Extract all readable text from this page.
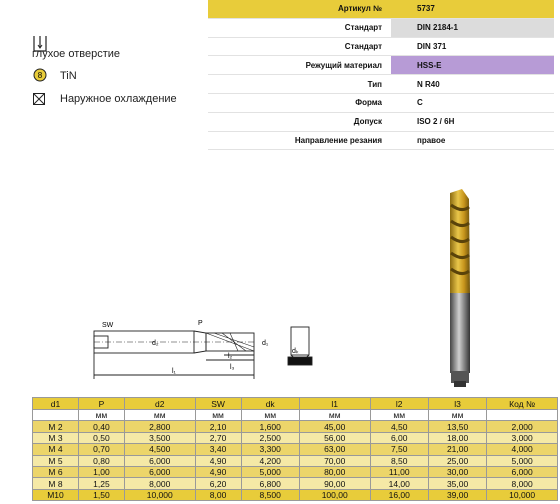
Артикул №	5737
Стандарт	DIN 2184-1
Стандарт	DIN 371
Режущий материал	HSS-E
Тип	N R40
Форма	C
Допуск	ISO 2 / 6H
Направление резания	правое
глухое отверстие
8 TiN
Наружное охлаждение
SW	P
d₂	d₁
l₁
l₂
l₃
dₖ
d1	P	d2	SW	dk	l1	l2	l3	Код №
	мм	мм	мм	мм	мм	мм	мм	
M 2	0,40	2,800	2,10	1,600	45,00	4,50	13,50	2,000
M 3	0,50	3,500	2,70	2,500	56,00	6,00	18,00	3,000
M 4	0,70	4,500	3,40	3,300	63,00	7,50	21,00	4,000
M 5	0,80	6,000	4,90	4,200	70,00	8,50	25,00	5,000
M 6	1,00	6,000	4,90	5,000	80,00	11,00	30,00	6,000
M 8	1,25	8,000	6,20	6,800	90,00	14,00	35,00	8,000
M10	1,50	10,000	8,00	8,500	100,00	16,00	39,00	10,000
